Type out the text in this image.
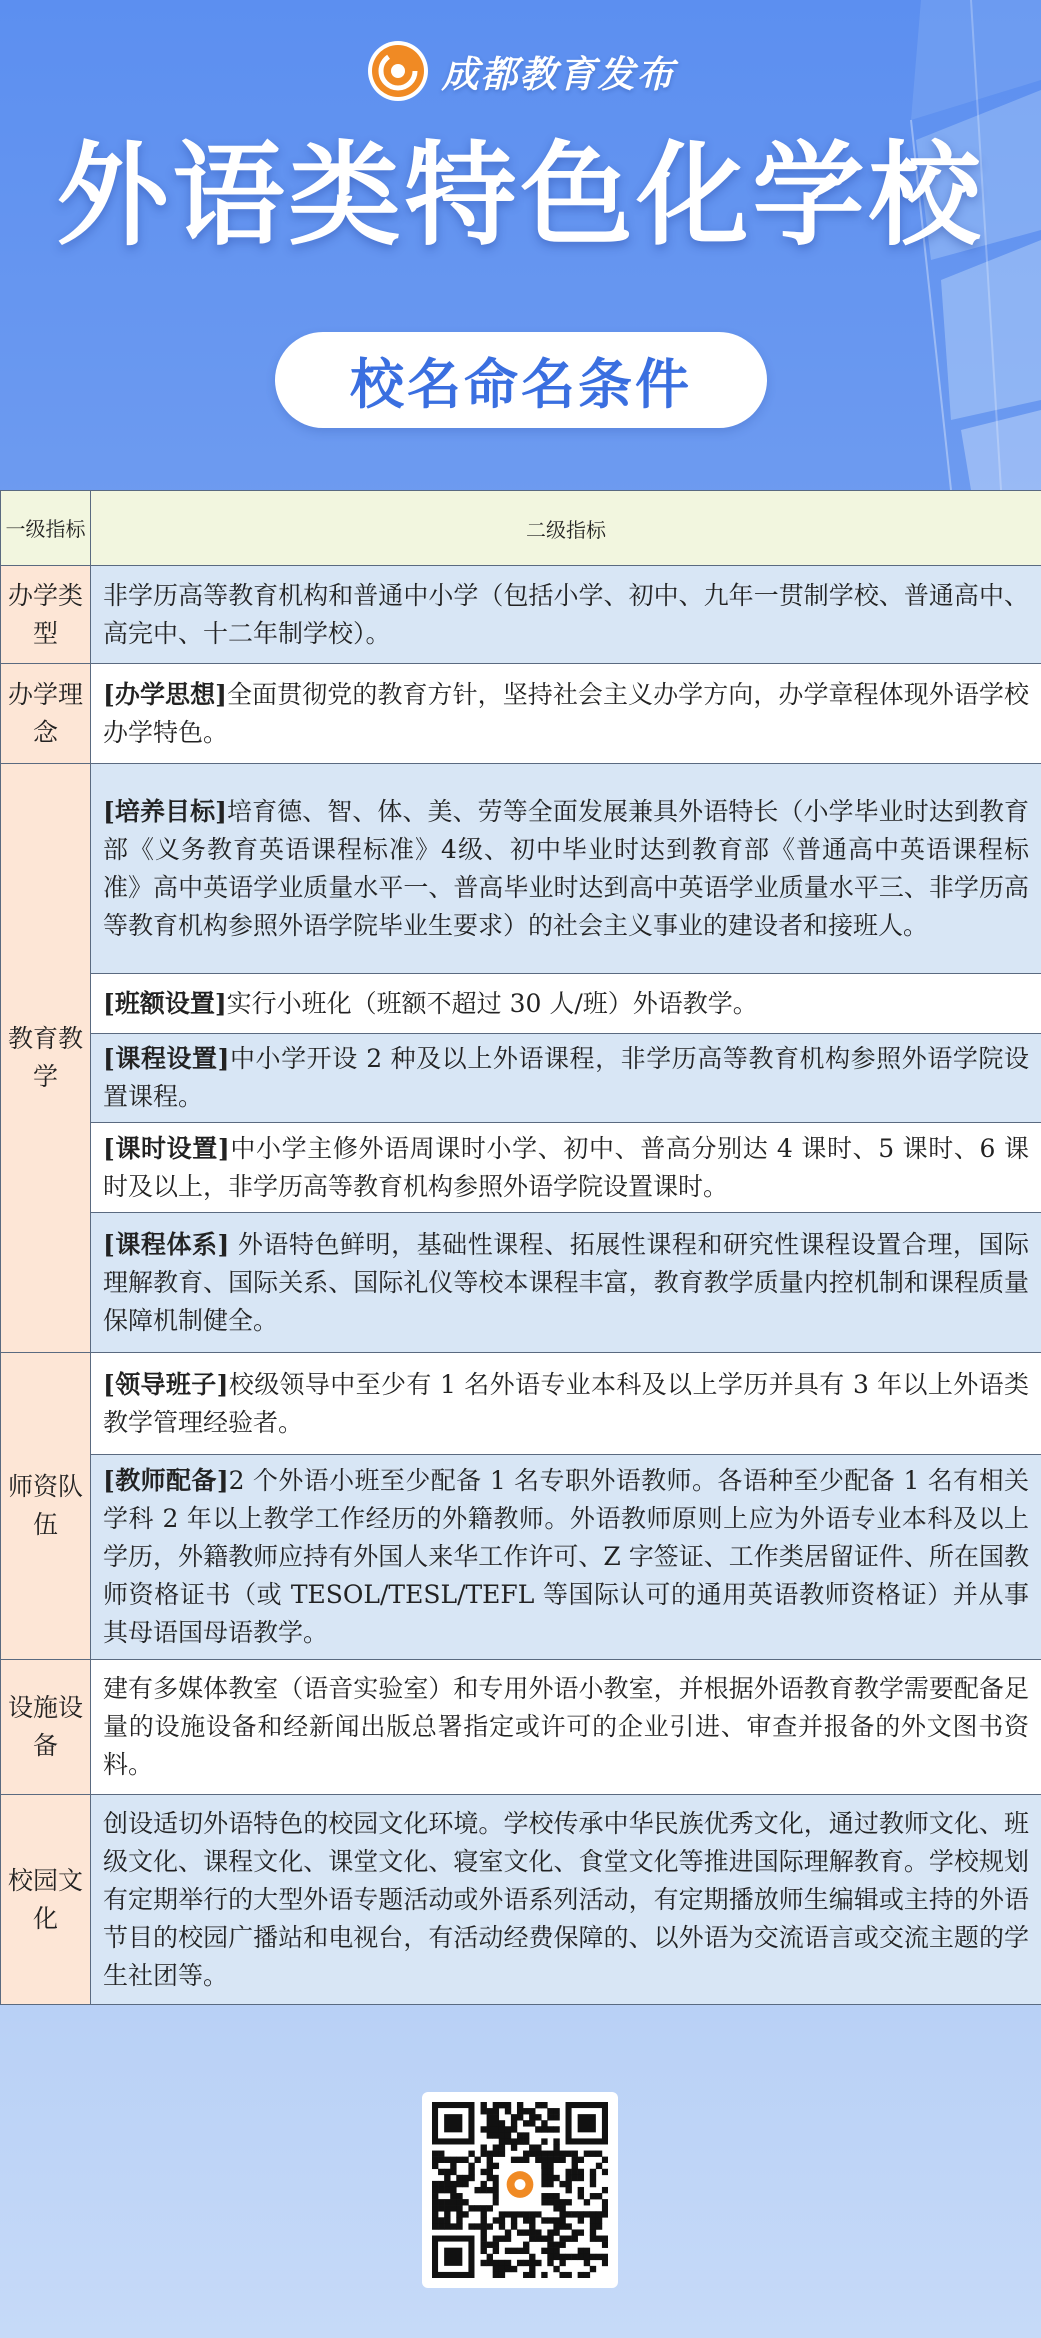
成都教育发布
外语类特色化学校
校名命名条件
一级指标	二级指标
办学类型	非学历高等教育机构和普通中小学（包括小学、初中、九年一贯制学校、普通高中、高完中、十二年制学校）。
办学理念	[办学思想]全面贯彻党的教育方针，坚持社会主义办学方向，办学章程体现外语学校办学特色。
教育教学	[培养目标]培育德、智、体、美、劳等全面发展兼具外语特长（小学毕业时达到教育部《义务教育英语课程标准》4级、初中毕业时达到教育部《普通高中英语课程标准》高中英语学业质量水平一、普高毕业时达到高中英语学业质量水平三、非学历高等教育机构参照外语学院毕业生要求）的社会主义事业的建设者和接班人。
	[班额设置]实行小班化（班额不超过 30 人/班）外语教学。
	[课程设置]中小学开设 2 种及以上外语课程，非学历高等教育机构参照外语学院设置课程。
	[课时设置]中小学主修外语周课时小学、初中、普高分别达 4 课时、5 课时、6 课时及以上，非学历高等教育机构参照外语学院设置课时。
	[课程体系] 外语特色鲜明，基础性课程、拓展性课程和研究性课程设置合理，国际理解教育、国际关系、国际礼仪等校本课程丰富，教育教学质量内控机制和课程质量保障机制健全。
师资队伍	[领导班子]校级领导中至少有 1 名外语专业本科及以上学历并具有 3 年以上外语类教学管理经验者。
	[教师配备]2 个外语小班至少配备 1 名专职外语教师。各语种至少配备 1 名有相关学科 2 年以上教学工作经历的外籍教师。外语教师原则上应为外语专业本科及以上学历，外籍教师应持有外国人来华工作许可、Z 字签证、工作类居留证件、所在国教师资格证书（或 TESOL/TESL/TEFL 等国际认可的通用英语教师资格证）并从事其母语国母语教学。
设施设备	建有多媒体教室（语音实验室）和专用外语小教室，并根据外语教育教学需要配备足量的设施设备和经新闻出版总署指定或许可的企业引进、审查并报备的外文图书资料。
校园文化	创设适切外语特色的校园文化环境。学校传承中华民族优秀文化，通过教师文化、班级文化、课程文化、课堂文化、寝室文化、食堂文化等推进国际理解教育。学校规划有定期举行的大型外语专题活动或外语系列活动，有定期播放师生编辑或主持的外语节目的校园广播站和电视台，有活动经费保障的、以外语为交流语言或交流主题的学生社团等。
